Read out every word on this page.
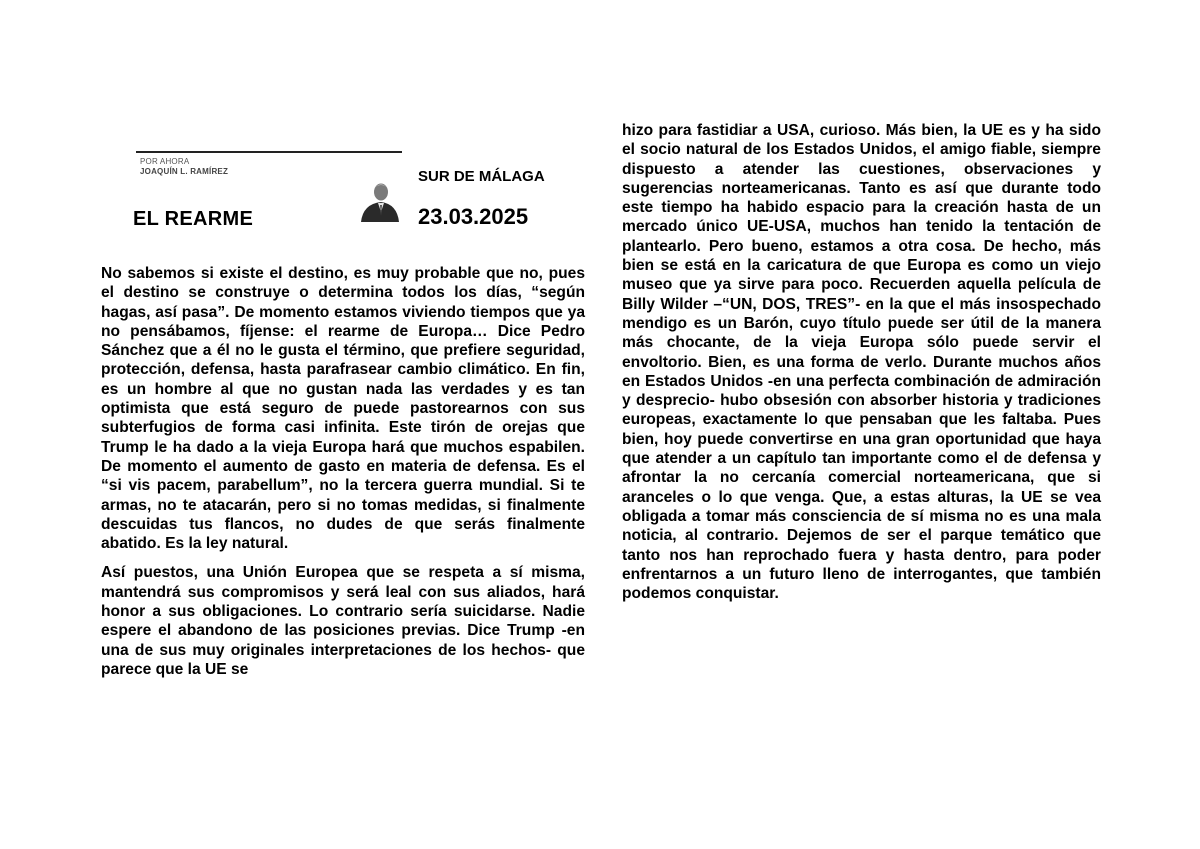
POR AHORA
JOAQUÍN L. RAMÍREZ
EL REARME
SUR DE MÁLAGA
23.03.2025

No sabemos si existe el destino, es muy probable que no, pues el destino se construye o determina todos los días, “según hagas, así pasa”. De momento estamos viviendo tiempos que ya no pensábamos, fíjense: el rearme de Europa… Dice Pedro Sánchez que a él no le gusta el término, que prefiere seguridad, protección, defensa, hasta parafrasear cambio climático. En fin, es un hombre al que no gustan nada las verdades y es tan optimista que está seguro de puede pastorearnos con sus subterfugios de forma casi infinita. Este tirón de orejas que Trump le ha dado a la vieja Europa hará que muchos espabilen. De momento el aumento de gasto en materia de defensa. Es el “si vis pacem, parabellum”, no la tercera guerra mundial. Si te armas, no te atacarán, pero si no tomas medidas, si finalmente descuidas tus flancos, no dudes de que serás finalmente abatido. Es la ley natural.

Así puestos, una Unión Europea que se respeta a sí misma, mantendrá sus compromisos y será leal con sus aliados, hará honor a sus obligaciones. Lo contrario sería suicidarse. Nadie espere el abandono de las posiciones previas. Dice Trump -en una de sus muy originales interpretaciones de los hechos- que parece que la UE se

hizo para fastidiar a USA, curioso. Más bien, la UE es y ha sido el socio natural de los Estados Unidos, el amigo fiable, siempre dispuesto a atender las cuestiones, observaciones y sugerencias norteamericanas. Tanto es así que durante todo este tiempo ha habido espacio para la creación hasta de un mercado único UE-USA, muchos han tenido la tentación de plantearlo. Pero bueno, estamos a otra cosa. De hecho, más bien se está en la caricatura de que Europa es como un viejo museo que ya sirve para poco. Recuerden aquella película de Billy Wilder –“UN, DOS, TRES”- en la que el más insospechado mendigo es un Barón, cuyo título puede ser útil de la manera más chocante, de la vieja Europa sólo puede servir el envoltorio. Bien, es una forma de verlo. Durante muchos años en Estados Unidos -en una perfecta combinación de admiración y desprecio- hubo obsesión con absorber historia y tradiciones europeas, exactamente lo que pensaban que les faltaba. Pues bien, hoy puede convertirse en una gran oportunidad que haya que atender a un capítulo tan importante como el de defensa y afrontar la no cercanía comercial norteamericana, que si aranceles o lo que venga. Que, a estas alturas, la UE se vea obligada a tomar más consciencia de sí misma no es una mala noticia, al contrario. Dejemos de ser el parque temático que tanto nos han reprochado fuera y hasta dentro, para poder enfrentarnos a un futuro lleno de interrogantes, que también podemos conquistar.
